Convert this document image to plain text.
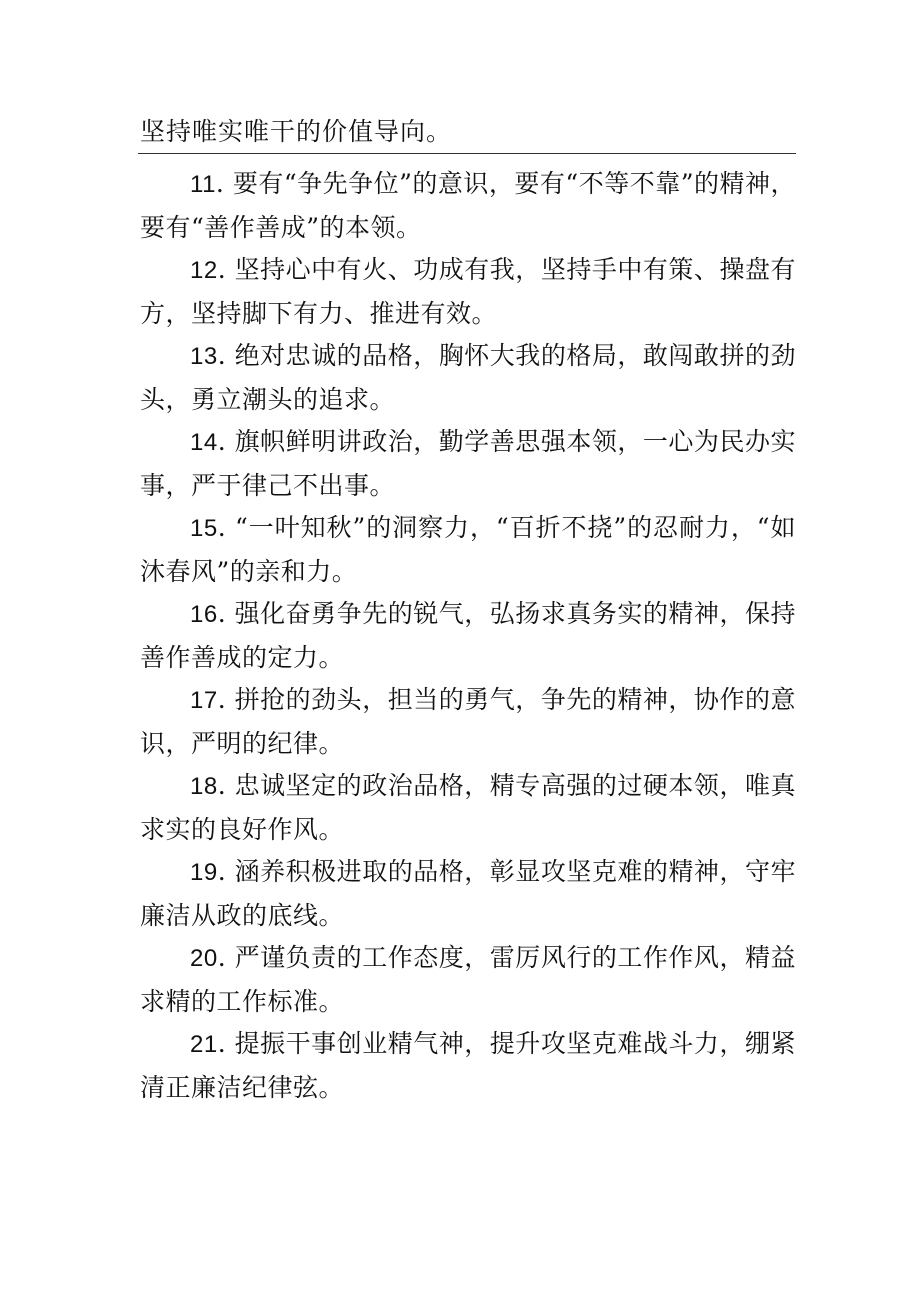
坚持唯实唯干的价值导向。

11. 要有“争先争位”的意识，要有“不等不靠”的精神，要有“善作善成”的本领。

12. 坚持心中有火、功成有我，坚持手中有策、操盘有方，坚持脚下有力、推进有效。

13. 绝对忠诚的品格，胸怀大我的格局，敢闯敢拼的劲头，勇立潮头的追求。

14. 旗帜鲜明讲政治，勤学善思强本领，一心为民办实事，严于律己不出事。

15. “一叶知秋”的洞察力，“百折不挠”的忍耐力，“如沐春风”的亲和力。

16. 强化奋勇争先的锐气，弘扬求真务实的精神，保持善作善成的定力。

17. 拼抢的劲头，担当的勇气，争先的精神，协作的意识，严明的纪律。

18. 忠诚坚定的政治品格，精专高强的过硬本领，唯真求实的良好作风。

19. 涵养积极进取的品格，彰显攻坚克难的精神，守牢廉洁从政的底线。

20. 严谨负责的工作态度，雷厉风行的工作作风，精益求精的工作标准。

21. 提振干事创业精气神，提升攻坚克难战斗力，绷紧清正廉洁纪律弦。
